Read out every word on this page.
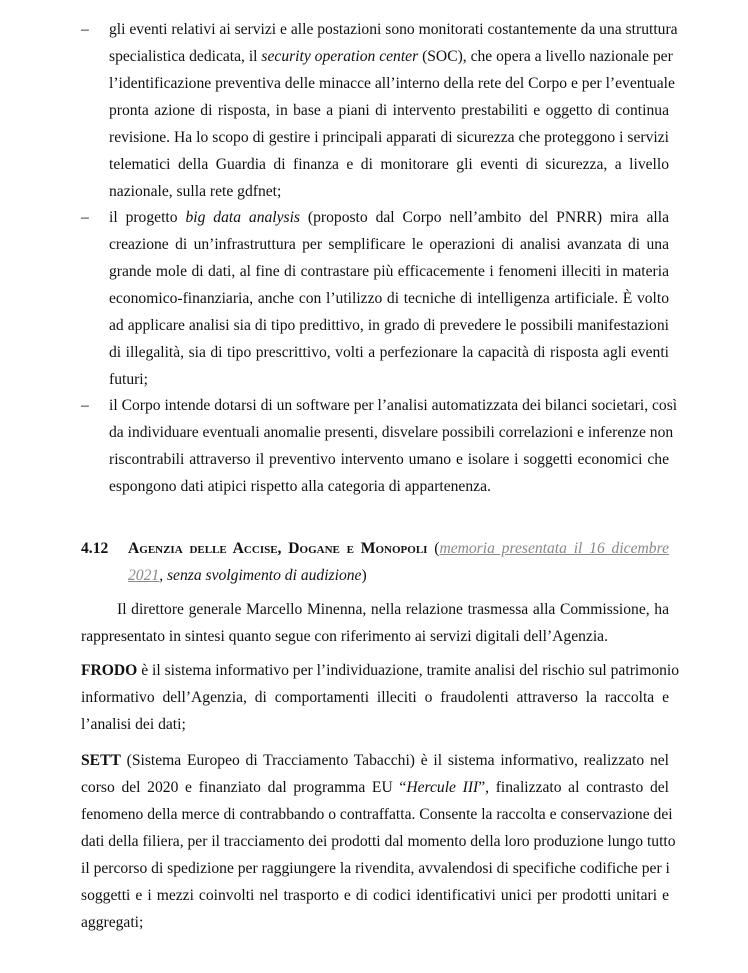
– gli eventi relativi ai servizi e alle postazioni sono monitorati costantemente da una struttura
specialistica dedicata, il security operation center (SOC), che opera a livello nazionale per
l’identificazione preventiva delle minacce all’interno della rete del Corpo e per l’eventuale
pronta azione di risposta, in base a piani di intervento prestabiliti e oggetto di continua
revisione. Ha lo scopo di gestire i principali apparati di sicurezza che proteggono i servizi
telematici della Guardia di finanza e di monitorare gli eventi di sicurezza, a livello
nazionale, sulla rete gdfnet;
– il progetto big data analysis (proposto dal Corpo nell’ambito del PNRR) mira alla
creazione di un’infrastruttura per semplificare le operazioni di analisi avanzata di una
grande mole di dati, al fine di contrastare più efficacemente i fenomeni illeciti in materia
economico-finanziaria, anche con l’utilizzo di tecniche di intelligenza artificiale. È volto
ad applicare analisi sia di tipo predittivo, in grado di prevedere le possibili manifestazioni
di illegalità, sia di tipo prescrittivo, volti a perfezionare la capacità di risposta agli eventi
futuri;
– il Corpo intende dotarsi di un software per l’analisi automatizzata dei bilanci societari, così
da individuare eventuali anomalie presenti, disvelare possibili correlazioni e inferenze non
riscontrabili attraverso il preventivo intervento umano e isolare i soggetti economici che
espongono dati atipici rispetto alla categoria di appartenenza.
4.12 Agenzia delle Accise, Dogane e Monopoli (memoria presentata il 16 dicembre
2021, senza svolgimento di audizione)
Il direttore generale Marcello Minenna, nella relazione trasmessa alla Commissione, ha
rappresentato in sintesi quanto segue con riferimento ai servizi digitali dell’Agenzia.
FRODO è il sistema informativo per l’individuazione, tramite analisi del rischio sul patrimonio
informativo dell’Agenzia, di comportamenti illeciti o fraudolenti attraverso la raccolta e
l’analisi dei dati;
SETT (Sistema Europeo di Tracciamento Tabacchi) è il sistema informativo, realizzato nel
corso del 2020 e finanziato dal programma EU “Hercule III”, finalizzato al contrasto del
fenomeno della merce di contrabbando o contraffatta. Consente la raccolta e conservazione dei
dati della filiera, per il tracciamento dei prodotti dal momento della loro produzione lungo tutto
il percorso di spedizione per raggiungere la rivendita, avvalendosi di specifiche codifiche per i
soggetti e i mezzi coinvolti nel trasporto e di codici identificativi unici per prodotti unitari e
aggregati;
